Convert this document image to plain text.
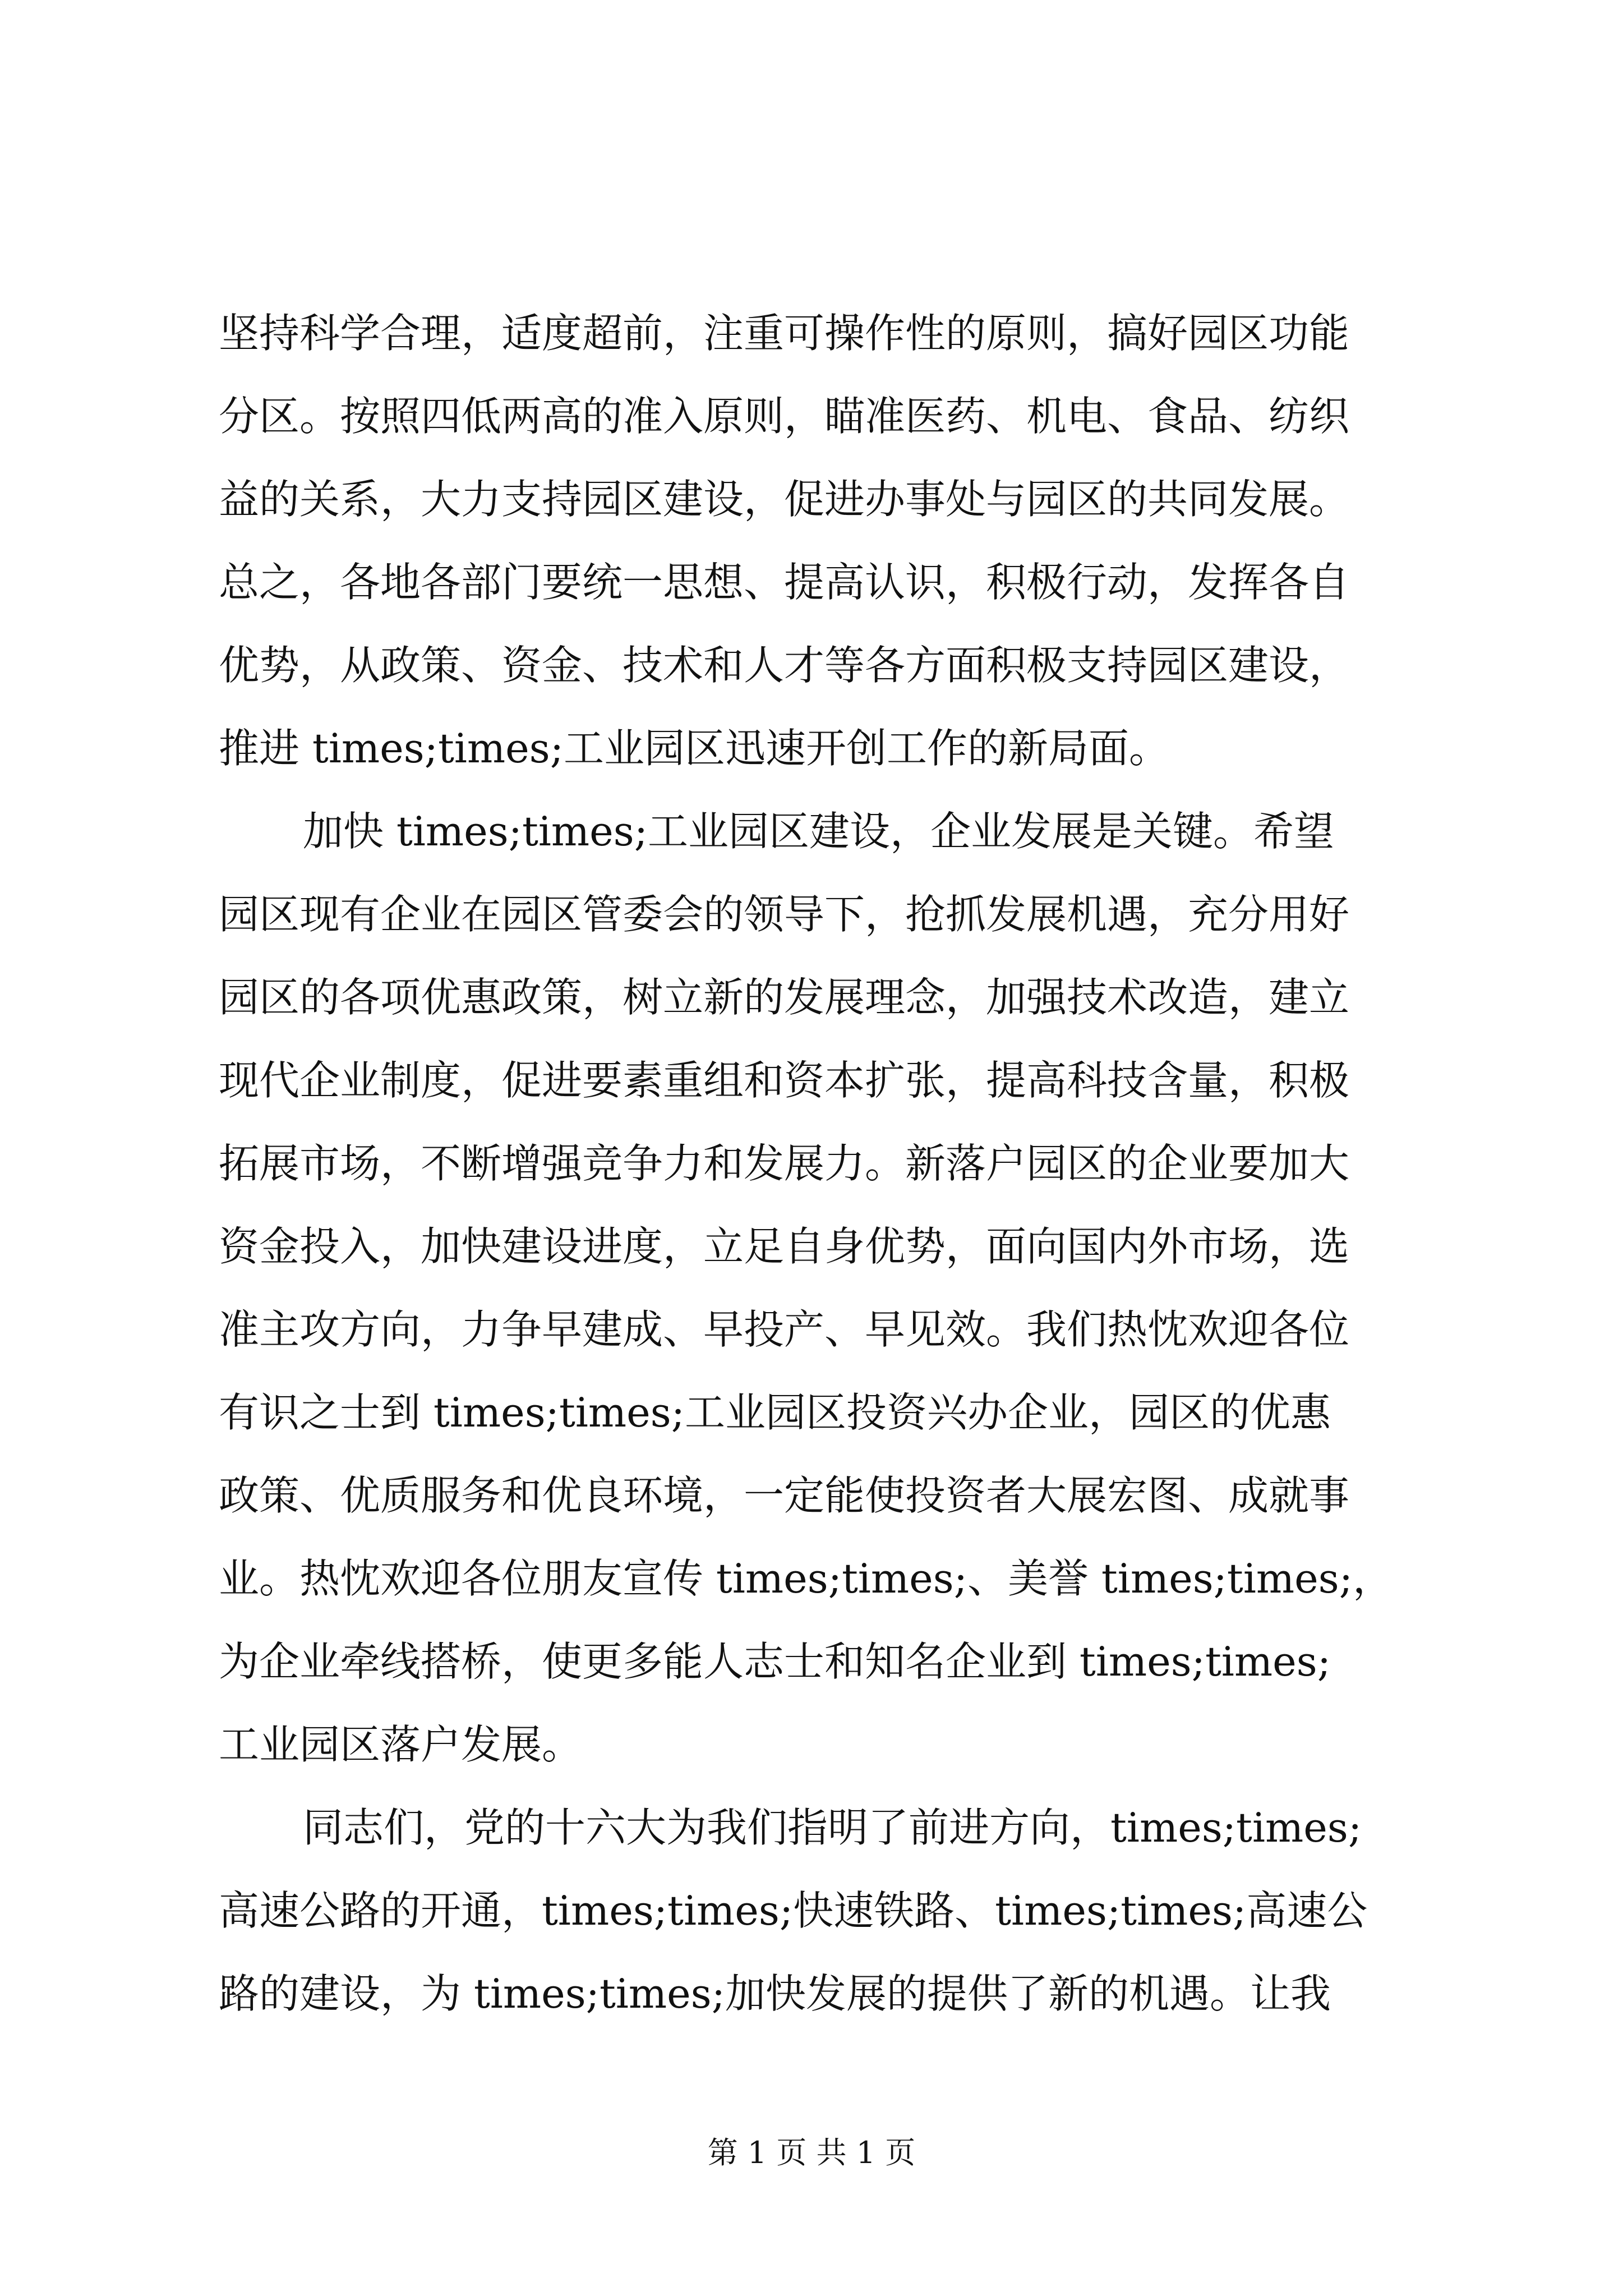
坚持科学合理，适度超前，注重可操作性的原则，搞好园区功能
分区。按照四低两高的准入原则，瞄准医药、机电、食品、纺织
益的关系，大力支持园区建设，促进办事处与园区的共同发展。
总之，各地各部门要统一思想、提高认识，积极行动，发挥各自
优势，从政策、资金、技术和人才等各方面积极支持园区建设，
推进 times;times;工业园区迅速开创工作的新局面。
加快 times;times;工业园区建设，企业发展是关键。希望
园区现有企业在园区管委会的领导下，抢抓发展机遇，充分用好
园区的各项优惠政策，树立新的发展理念，加强技术改造，建立
现代企业制度，促进要素重组和资本扩张，提高科技含量，积极
拓展市场，不断增强竞争力和发展力。新落户园区的企业要加大
资金投入，加快建设进度，立足自身优势，面向国内外市场，选
准主攻方向，力争早建成、早投产、早见效。我们热忱欢迎各位
有识之士到 times;times;工业园区投资兴办企业，园区的优惠
政策、优质服务和优良环境，一定能使投资者大展宏图、成就事
业。热忱欢迎各位朋友宣传 times;times;、美誉 times;times;，
为企业牵线搭桥，使更多能人志士和知名企业到 times;times;
工业园区落户发展。
同志们，党的十六大为我们指明了前进方向，times;times;
高速公路的开通，times;times;快速铁路、times;times;高速公
路的建设，为 times;times;加快发展的提供了新的机遇。让我
第 1 页 共 1 页
